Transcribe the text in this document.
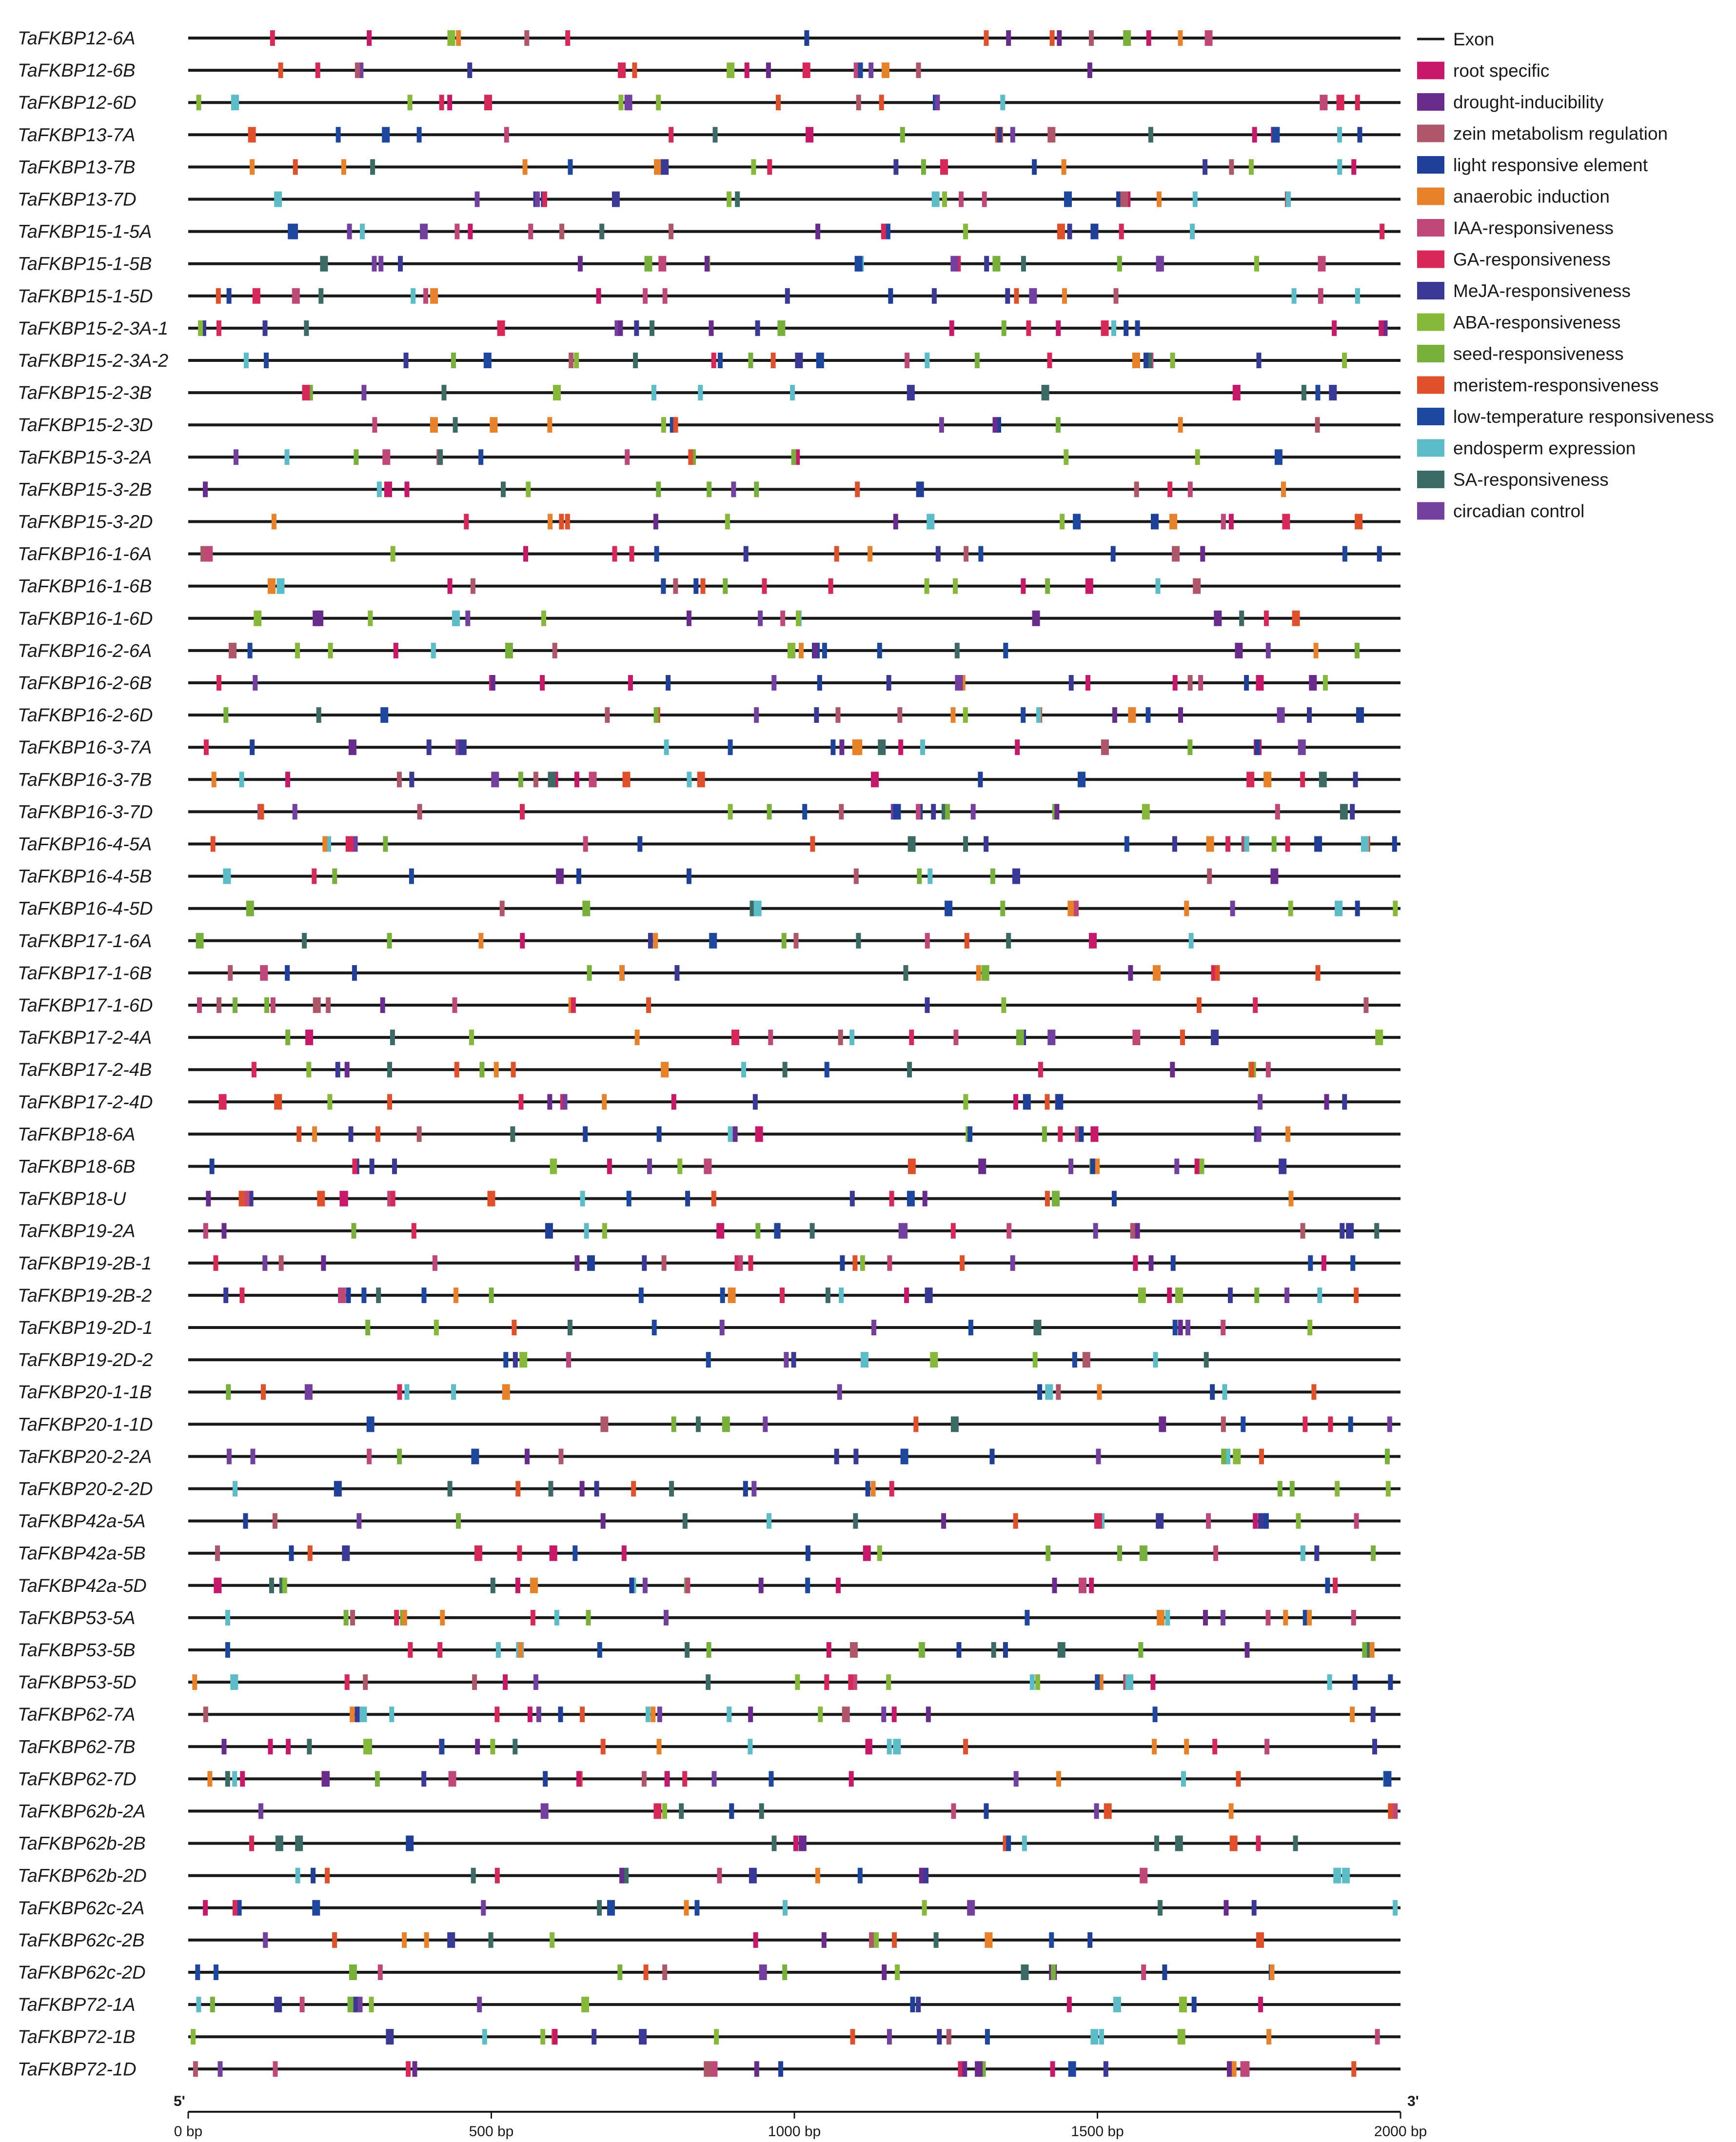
TaFKBP12-6A
TaFKBP12-6B
TaFKBP12-6D
TaFKBP13-7A
TaFKBP13-7B
TaFKBP13-7D
TaFKBP15-1-5A
TaFKBP15-1-5B
TaFKBP15-1-5D
TaFKBP15-2-3A-1
TaFKBP15-2-3A-2
TaFKBP15-2-3B
TaFKBP15-2-3D
TaFKBP15-3-2A
TaFKBP15-3-2B
TaFKBP15-3-2D
TaFKBP16-1-6A
TaFKBP16-1-6B
TaFKBP16-1-6D
TaFKBP16-2-6A
TaFKBP16-2-6B
TaFKBP16-2-6D
TaFKBP16-3-7A
TaFKBP16-3-7B
TaFKBP16-3-7D
TaFKBP16-4-5A
TaFKBP16-4-5B
TaFKBP16-4-5D
TaFKBP17-1-6A
TaFKBP17-1-6B
TaFKBP17-1-6D
TaFKBP17-2-4A
TaFKBP17-2-4B
TaFKBP17-2-4D
TaFKBP18-6A
TaFKBP18-6B
TaFKBP18-U
TaFKBP19-2A
TaFKBP19-2B-1
TaFKBP19-2B-2
TaFKBP19-2D-1
TaFKBP19-2D-2
TaFKBP20-1-1B
TaFKBP20-1-1D
TaFKBP20-2-2A
TaFKBP20-2-2D
TaFKBP42a-5A
TaFKBP42a-5B
TaFKBP42a-5D
TaFKBP53-5A
TaFKBP53-5B
TaFKBP53-5D
TaFKBP62-7A
TaFKBP62-7B
TaFKBP62-7D
TaFKBP62b-2A
TaFKBP62b-2B
TaFKBP62b-2D
TaFKBP62c-2A
TaFKBP62c-2B
TaFKBP62c-2D
TaFKBP72-1A
TaFKBP72-1B
TaFKBP72-1D
0 bp	500 bp	1000 bp	1500 bp	2000 bp
5'	3'
Exon
root specific
drought-inducibility
zein metabolism regulation
light responsive element
anaerobic induction
IAA-responsiveness
GA-responsiveness
MeJA-responsiveness
ABA-responsiveness
seed-responsiveness
meristem-responsiveness
low-temperature responsiveness
endosperm expression
SA-responsiveness
circadian control
